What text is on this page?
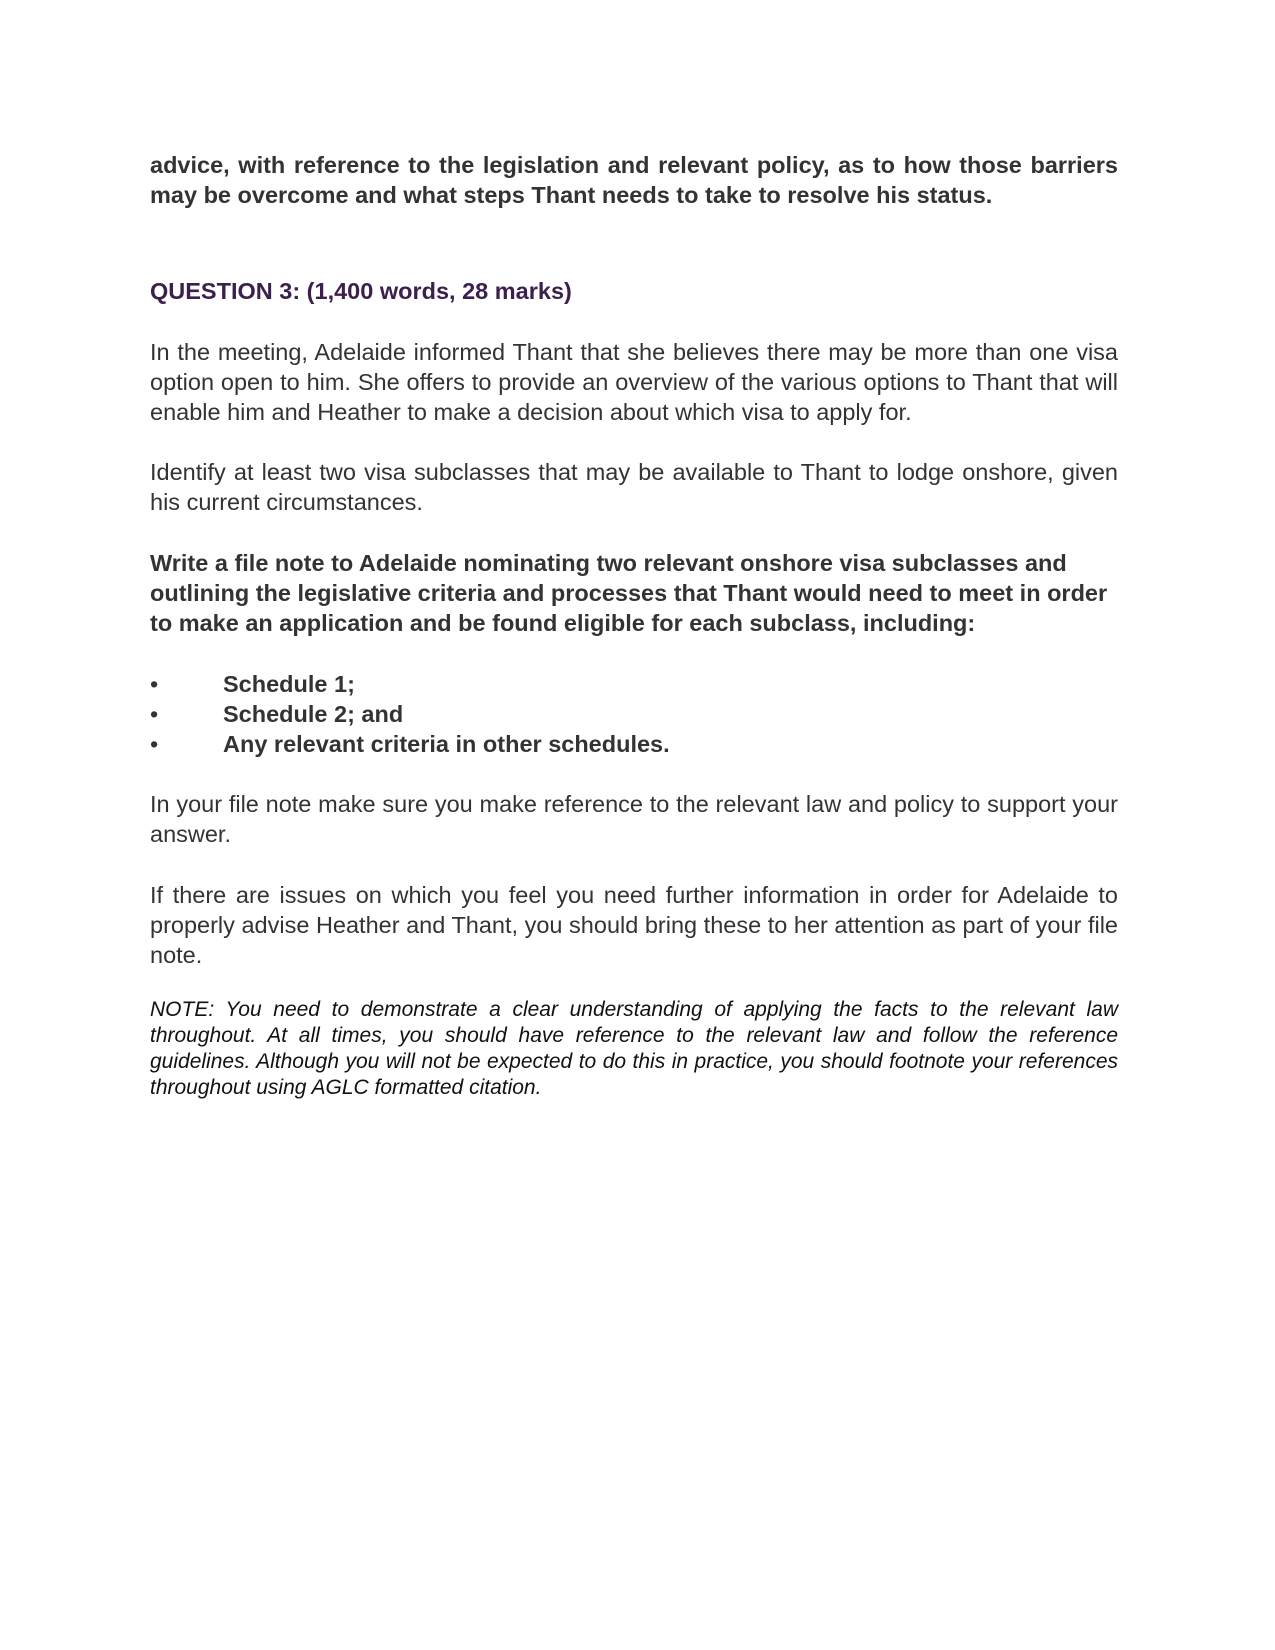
advice, with reference to the legislation and relevant policy, as to how those barriers may be overcome and what steps Thant needs to take to resolve his status.

QUESTION 3: (1,400 words, 28 marks)

In the meeting, Adelaide informed Thant that she believes there may be more than one visa option open to him. She offers to provide an overview of the various options to Thant that will enable him and Heather to make a decision about which visa to apply for.

Identify at least two visa subclasses that may be available to Thant to lodge onshore, given his current circumstances.

Write a file note to Adelaide nominating two relevant onshore visa subclasses and outlining the legislative criteria and processes that Thant would need to meet in order to make an application and be found eligible for each subclass, including:

•	Schedule 1;
•	Schedule 2; and
•	Any relevant criteria in other schedules.

In your file note make sure you make reference to the relevant law and policy to support your answer.

If there are issues on which you feel you need further information in order for Adelaide to properly advise Heather and Thant, you should bring these to her attention as part of your file note.

NOTE: You need to demonstrate a clear understanding of applying the facts to the relevant law throughout. At all times, you should have reference to the relevant law and follow the reference guidelines. Although you will not be expected to do this in practice, you should footnote your references throughout using AGLC formatted citation.
